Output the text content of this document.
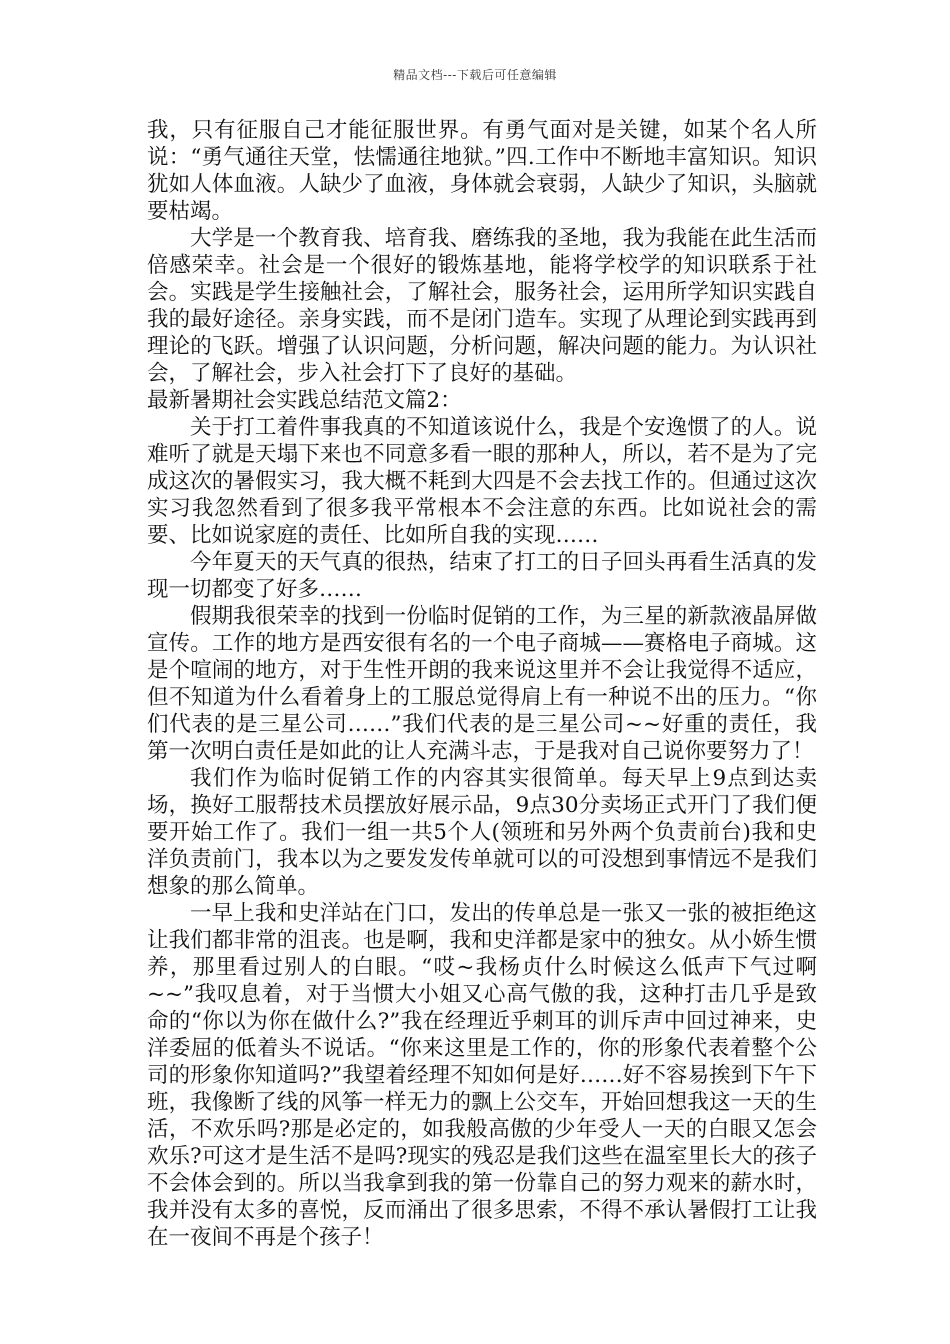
精品文档---下载后可任意编辑

我，只有征服自己才能征服世界。有勇气面对是关键，如某个名人所说：“勇气通往天堂，怯懦通往地狱。”四.工作中不断地丰富知识。知识犹如人体血液。人缺少了血液，身体就会衰弱，人缺少了知识，头脑就要枯竭。

大学是一个教育我、培育我、磨练我的圣地，我为我能在此生活而倍感荣幸。社会是一个很好的锻炼基地，能将学校学的知识联系于社会。实践是学生接触社会，了解社会，服务社会，运用所学知识实践自我的最好途径。亲身实践，而不是闭门造车。实现了从理论到实践再到理论的飞跃。增强了认识问题，分析问题，解决问题的能力。为认识社会，了解社会，步入社会打下了良好的基础。

最新暑期社会实践总结范文篇2：

关于打工着件事我真的不知道该说什么，我是个安逸惯了的人。说难听了就是天塌下来也不同意多看一眼的那种人，所以，若不是为了完成这次的暑假实习，我大概不耗到大四是不会去找工作的。但通过这次实习我忽然看到了很多我平常根本不会注意的东西。比如说社会的需要、比如说家庭的责任、比如所自我的实现……

今年夏天的天气真的很热，结束了打工的日子回头再看生活真的发现一切都变了好多……

假期我很荣幸的找到一份临时促销的工作，为三星的新款液晶屏做宣传。工作的地方是西安很有名的一个电子商城——赛格电子商城。这是个喧闹的地方，对于生性开朗的我来说这里并不会让我觉得不适应，但不知道为什么看着身上的工服总觉得肩上有一种说不出的压力。“你们代表的是三星公司……”我们代表的是三星公司~~好重的责任，我第一次明白责任是如此的让人充满斗志，于是我对自己说你要努力了！

我们作为临时促销工作的内容其实很简单。每天早上9点到达卖场，换好工服帮技术员摆放好展示品，9点30分卖场正式开门了我们便要开始工作了。我们一组一共5个人(领班和另外两个负责前台)我和史洋负责前门，我本以为之要发发传单就可以的可没想到事情远不是我们想象的那么简单。

一早上我和史洋站在门口，发出的传单总是一张又一张的被拒绝这让我们都非常的沮丧。也是啊，我和史洋都是家中的独女。从小娇生惯养，那里看过别人的白眼。“哎~我杨贞什么时候这么低声下气过啊~~”我叹息着，对于当惯大小姐又心高气傲的我，这种打击几乎是致命的“你以为你在做什么?”我在经理近乎刺耳的训斥声中回过神来，史洋委屈的低着头不说话。“你来这里是工作的，你的形象代表着整个公司的形象你知道吗?”我望着经理不知如何是好……好不容易挨到下午下班，我像断了线的风筝一样无力的飘上公交车，开始回想我这一天的生活，不欢乐吗?那是必定的，如我般高傲的少年受人一天的白眼又怎会欢乐?可这才是生活不是吗?现实的残忍是我们这些在温室里长大的孩子不会体会到的。所以当我拿到我的第一份靠自己的努力观来的薪水时，我并没有太多的喜悦，反而涌出了很多思索，不得不承认暑假打工让我在一夜间不再是个孩子！
